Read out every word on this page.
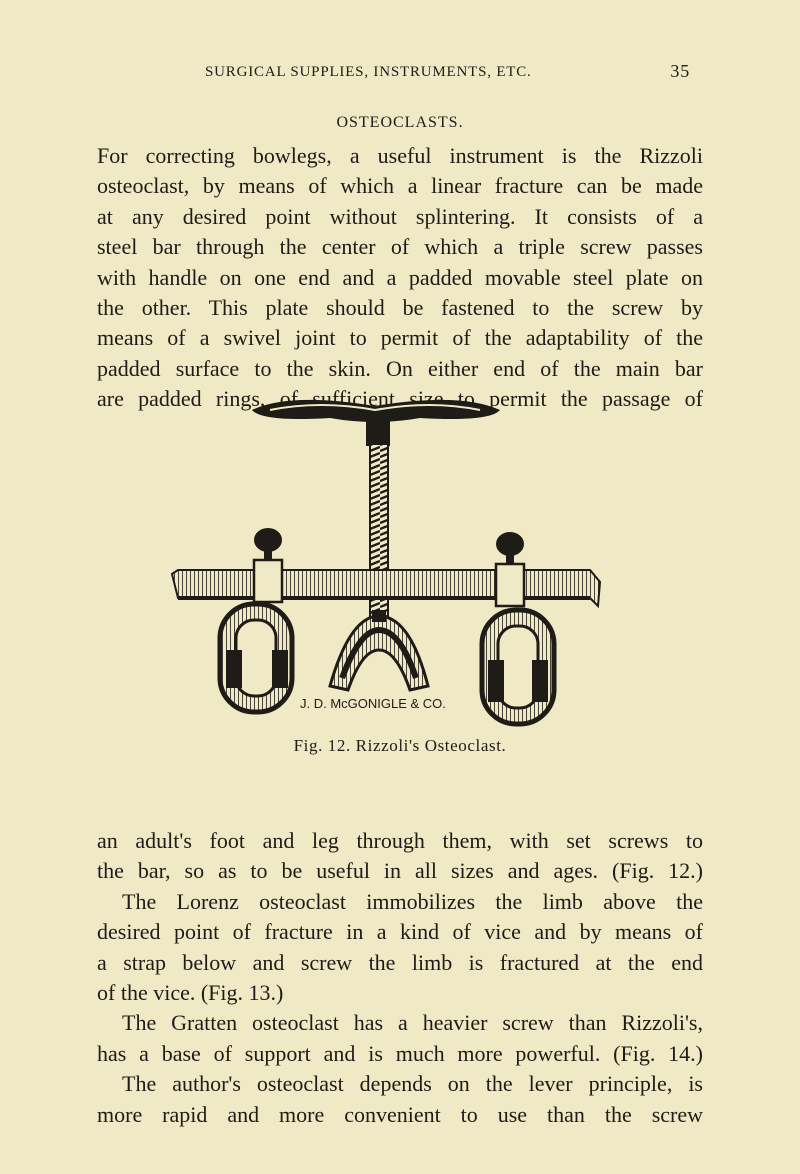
SURGICAL SUPPLIES, INSTRUMENTS, ETC.	35
OSTEOCLASTS.
For correcting bowlegs, a useful instrument is the Rizzoli
osteoclast, by means of which a linear fracture can be made
at any desired point without splintering. It consists of a
steel bar through the center of which a triple screw passes
with handle on one end and a padded movable steel plate on
the other. This plate should be fastened to the screw by
means of a swivel joint to permit of the adaptability of the
padded surface to the skin. On either end of the main bar
are padded rings, of sufficient size to permit the passage of
J. D. McGONIGLE & CO.
Fig. 12. Rizzoli's Osteoclast.
an adult's foot and leg through them, with set screws to
the bar, so as to be useful in all sizes and ages. (Fig. 12.)
The Lorenz osteoclast immobilizes the limb above the
desired point of fracture in a kind of vice and by means of
a strap below and screw the limb is fractured at the end
of the vice. (Fig. 13.)
The Gratten osteoclast has a heavier screw than Rizzoli's,
has a base of support and is much more powerful. (Fig. 14.)
The author's osteoclast depends on the lever principle, is
more rapid and more convenient to use than the screw
